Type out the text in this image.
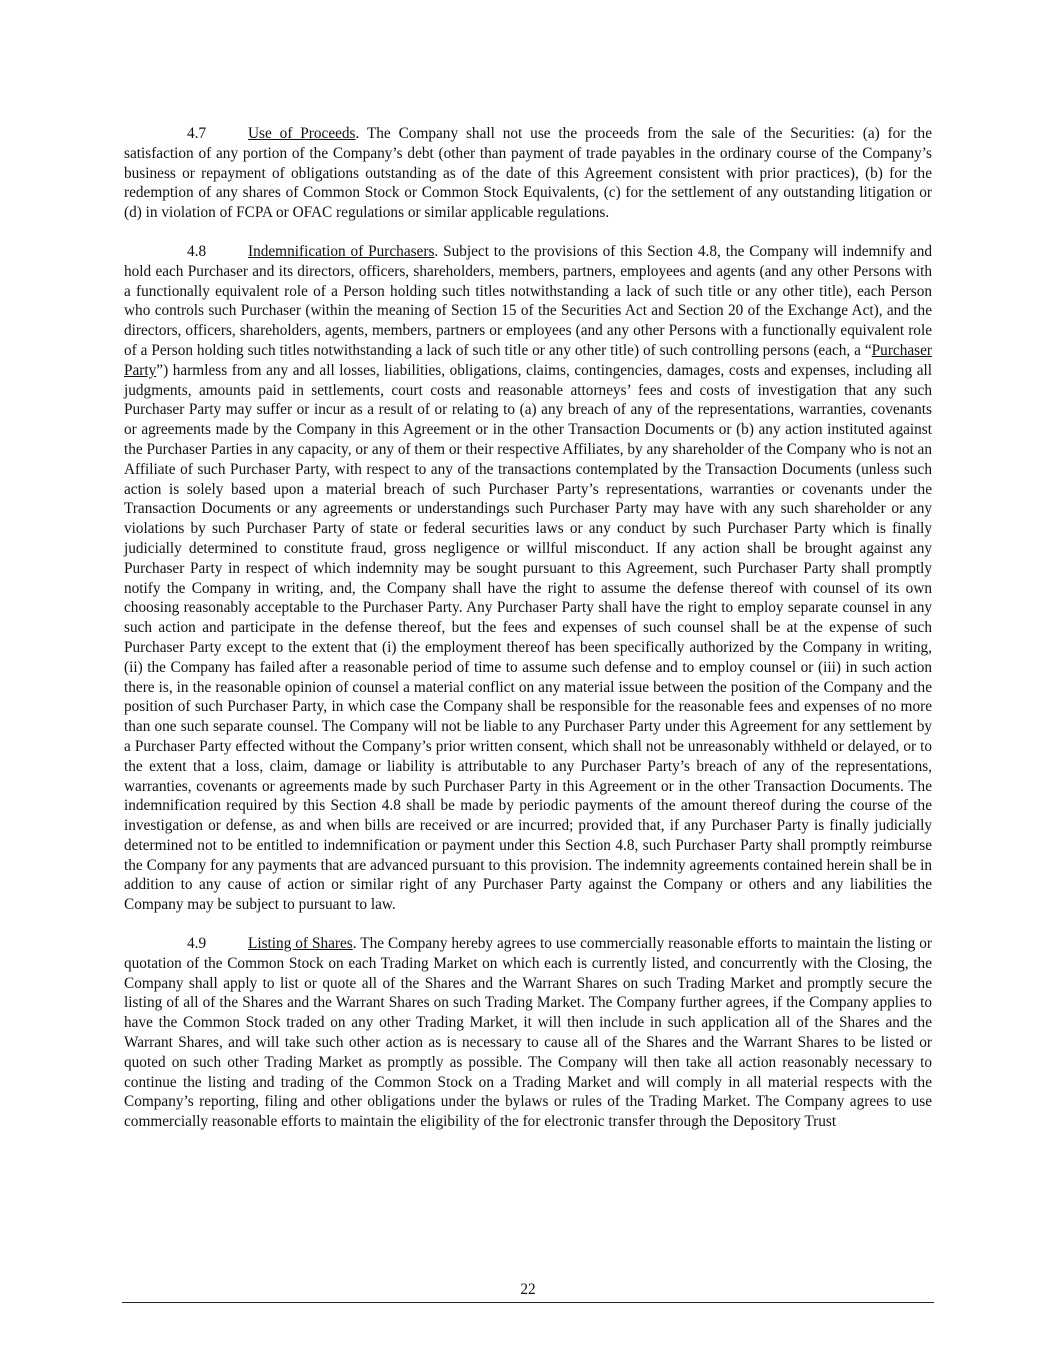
4.7	Use of Proceeds. The Company shall not use the proceeds from the sale of the Securities: (a) for the satisfaction of any portion of the Company’s debt (other than payment of trade payables in the ordinary course of the Company’s business or repayment of obligations outstanding as of the date of this Agreement consistent with prior practices), (b) for the redemption of any shares of Common Stock or Common Stock Equivalents, (c) for the settlement of any outstanding litigation or (d) in violation of FCPA or OFAC regulations or similar applicable regulations.

4.8	Indemnification of Purchasers. Subject to the provisions of this Section 4.8, the Company will indemnify and hold each Purchaser and its directors, officers, shareholders, members, partners, employees and agents (and any other Persons with a functionally equivalent role of a Person holding such titles notwithstanding a lack of such title or any other title), each Person who controls such Purchaser (within the meaning of Section 15 of the Securities Act and Section 20 of the Exchange Act), and the directors, officers, shareholders, agents, members, partners or employees (and any other Persons with a functionally equivalent role of a Person holding such titles notwithstanding a lack of such title or any other title) of such controlling persons (each, a “Purchaser Party”) harmless from any and all losses, liabilities, obligations, claims, contingencies, damages, costs and expenses, including all judgments, amounts paid in settlements, court costs and reasonable attorneys’ fees and costs of investigation that any such Purchaser Party may suffer or incur as a result of or relating to (a) any breach of any of the representations, warranties, covenants or agreements made by the Company in this Agreement or in the other Transaction Documents or (b) any action instituted against the Purchaser Parties in any capacity, or any of them or their respective Affiliates, by any shareholder of the Company who is not an Affiliate of such Purchaser Party, with respect to any of the transactions contemplated by the Transaction Documents (unless such action is solely based upon a material breach of such Purchaser Party’s representations, warranties or covenants under the Transaction Documents or any agreements or understandings such Purchaser Party may have with any such shareholder or any violations by such Purchaser Party of state or federal securities laws or any conduct by such Purchaser Party which is finally judicially determined to constitute fraud, gross negligence or willful misconduct. If any action shall be brought against any Purchaser Party in respect of which indemnity may be sought pursuant to this Agreement, such Purchaser Party shall promptly notify the Company in writing, and, the Company shall have the right to assume the defense thereof with counsel of its own choosing reasonably acceptable to the Purchaser Party. Any Purchaser Party shall have the right to employ separate counsel in any such action and participate in the defense thereof, but the fees and expenses of such counsel shall be at the expense of such Purchaser Party except to the extent that (i) the employment thereof has been specifically authorized by the Company in writing, (ii) the Company has failed after a reasonable period of time to assume such defense and to employ counsel or (iii) in such action there is, in the reasonable opinion of counsel a material conflict on any material issue between the position of the Company and the position of such Purchaser Party, in which case the Company shall be responsible for the reasonable fees and expenses of no more than one such separate counsel. The Company will not be liable to any Purchaser Party under this Agreement for any settlement by a Purchaser Party effected without the Company’s prior written consent, which shall not be unreasonably withheld or delayed, or to the extent that a loss, claim, damage or liability is attributable to any Purchaser Party’s breach of any of the representations, warranties, covenants or agreements made by such Purchaser Party in this Agreement or in the other Transaction Documents. The indemnification required by this Section 4.8 shall be made by periodic payments of the amount thereof during the course of the investigation or defense, as and when bills are received or are incurred; provided that, if any Purchaser Party is finally judicially determined not to be entitled to indemnification or payment under this Section 4.8, such Purchaser Party shall promptly reimburse the Company for any payments that are advanced pursuant to this provision. The indemnity agreements contained herein shall be in addition to any cause of action or similar right of any Purchaser Party against the Company or others and any liabilities the Company may be subject to pursuant to law.

4.9	Listing of Shares. The Company hereby agrees to use commercially reasonable efforts to maintain the listing or quotation of the Common Stock on each Trading Market on which each is currently listed, and concurrently with the Closing, the Company shall apply to list or quote all of the Shares and the Warrant Shares on such Trading Market and promptly secure the listing of all of the Shares and the Warrant Shares on such Trading Market. The Company further agrees, if the Company applies to have the Common Stock traded on any other Trading Market, it will then include in such application all of the Shares and the Warrant Shares, and will take such other action as is necessary to cause all of the Shares and the Warrant Shares to be listed or quoted on such other Trading Market as promptly as possible. The Company will then take all action reasonably necessary to continue the listing and trading of the Common Stock on a Trading Market and will comply in all material respects with the Company’s reporting, filing and other obligations under the bylaws or rules of the Trading Market. The Company agrees to use commercially reasonable efforts to maintain the eligibility of the for electronic transfer through the Depository Trust

22
